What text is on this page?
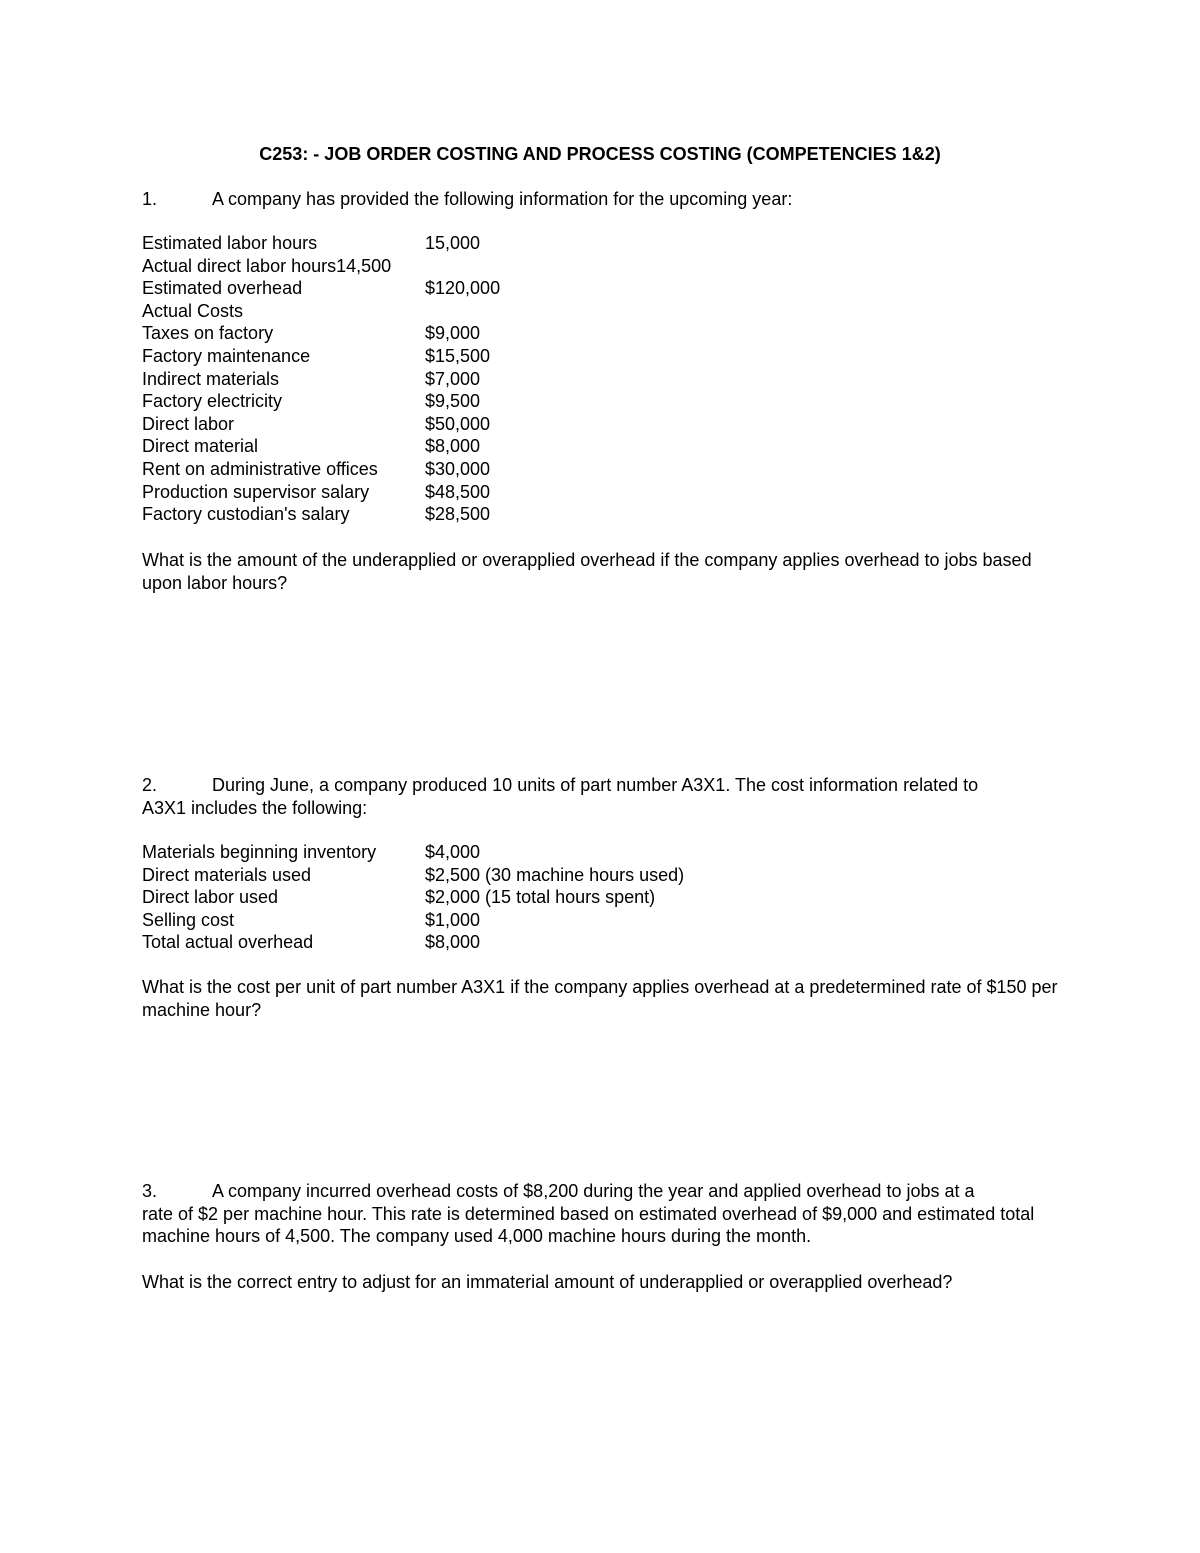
C253: - JOB ORDER COSTING AND PROCESS COSTING (COMPETENCIES 1&2)
1.	A company has provided the following information for the upcoming year:
Estimated labor hours	15,000
Actual direct labor hours14,500
Estimated overhead	$120,000
Actual Costs
Taxes on factory	$9,000
Factory maintenance	$15,500
Indirect materials	$7,000
Factory electricity	$9,500
Direct labor	$50,000
Direct material	$8,000
Rent on administrative offices	$30,000
Production supervisor salary	$48,500
Factory custodian's salary	$28,500

What is the amount of the underapplied or overapplied overhead if the company applies overhead to jobs based upon labor hours?

2.	During June, a company produced 10 units of part number A3X1. The cost information related to
A3X1 includes the following:
Materials beginning inventory	$4,000
Direct materials used	$2,500 (30 machine hours used)
Direct labor used	$2,000 (15 total hours spent)
Selling cost	$1,000
Total actual overhead	$8,000

What is the cost per unit of part number A3X1 if the company applies overhead at a predetermined rate of $150 per machine hour?

3.	A company incurred overhead costs of $8,200 during the year and applied overhead to jobs at a

rate of $2 per machine hour. This rate is determined based on estimated overhead of $9,000 and estimated total machine hours of 4,500. The company used 4,000 machine hours during the month.

What is the correct entry to adjust for an immaterial amount of underapplied or overapplied overhead?
